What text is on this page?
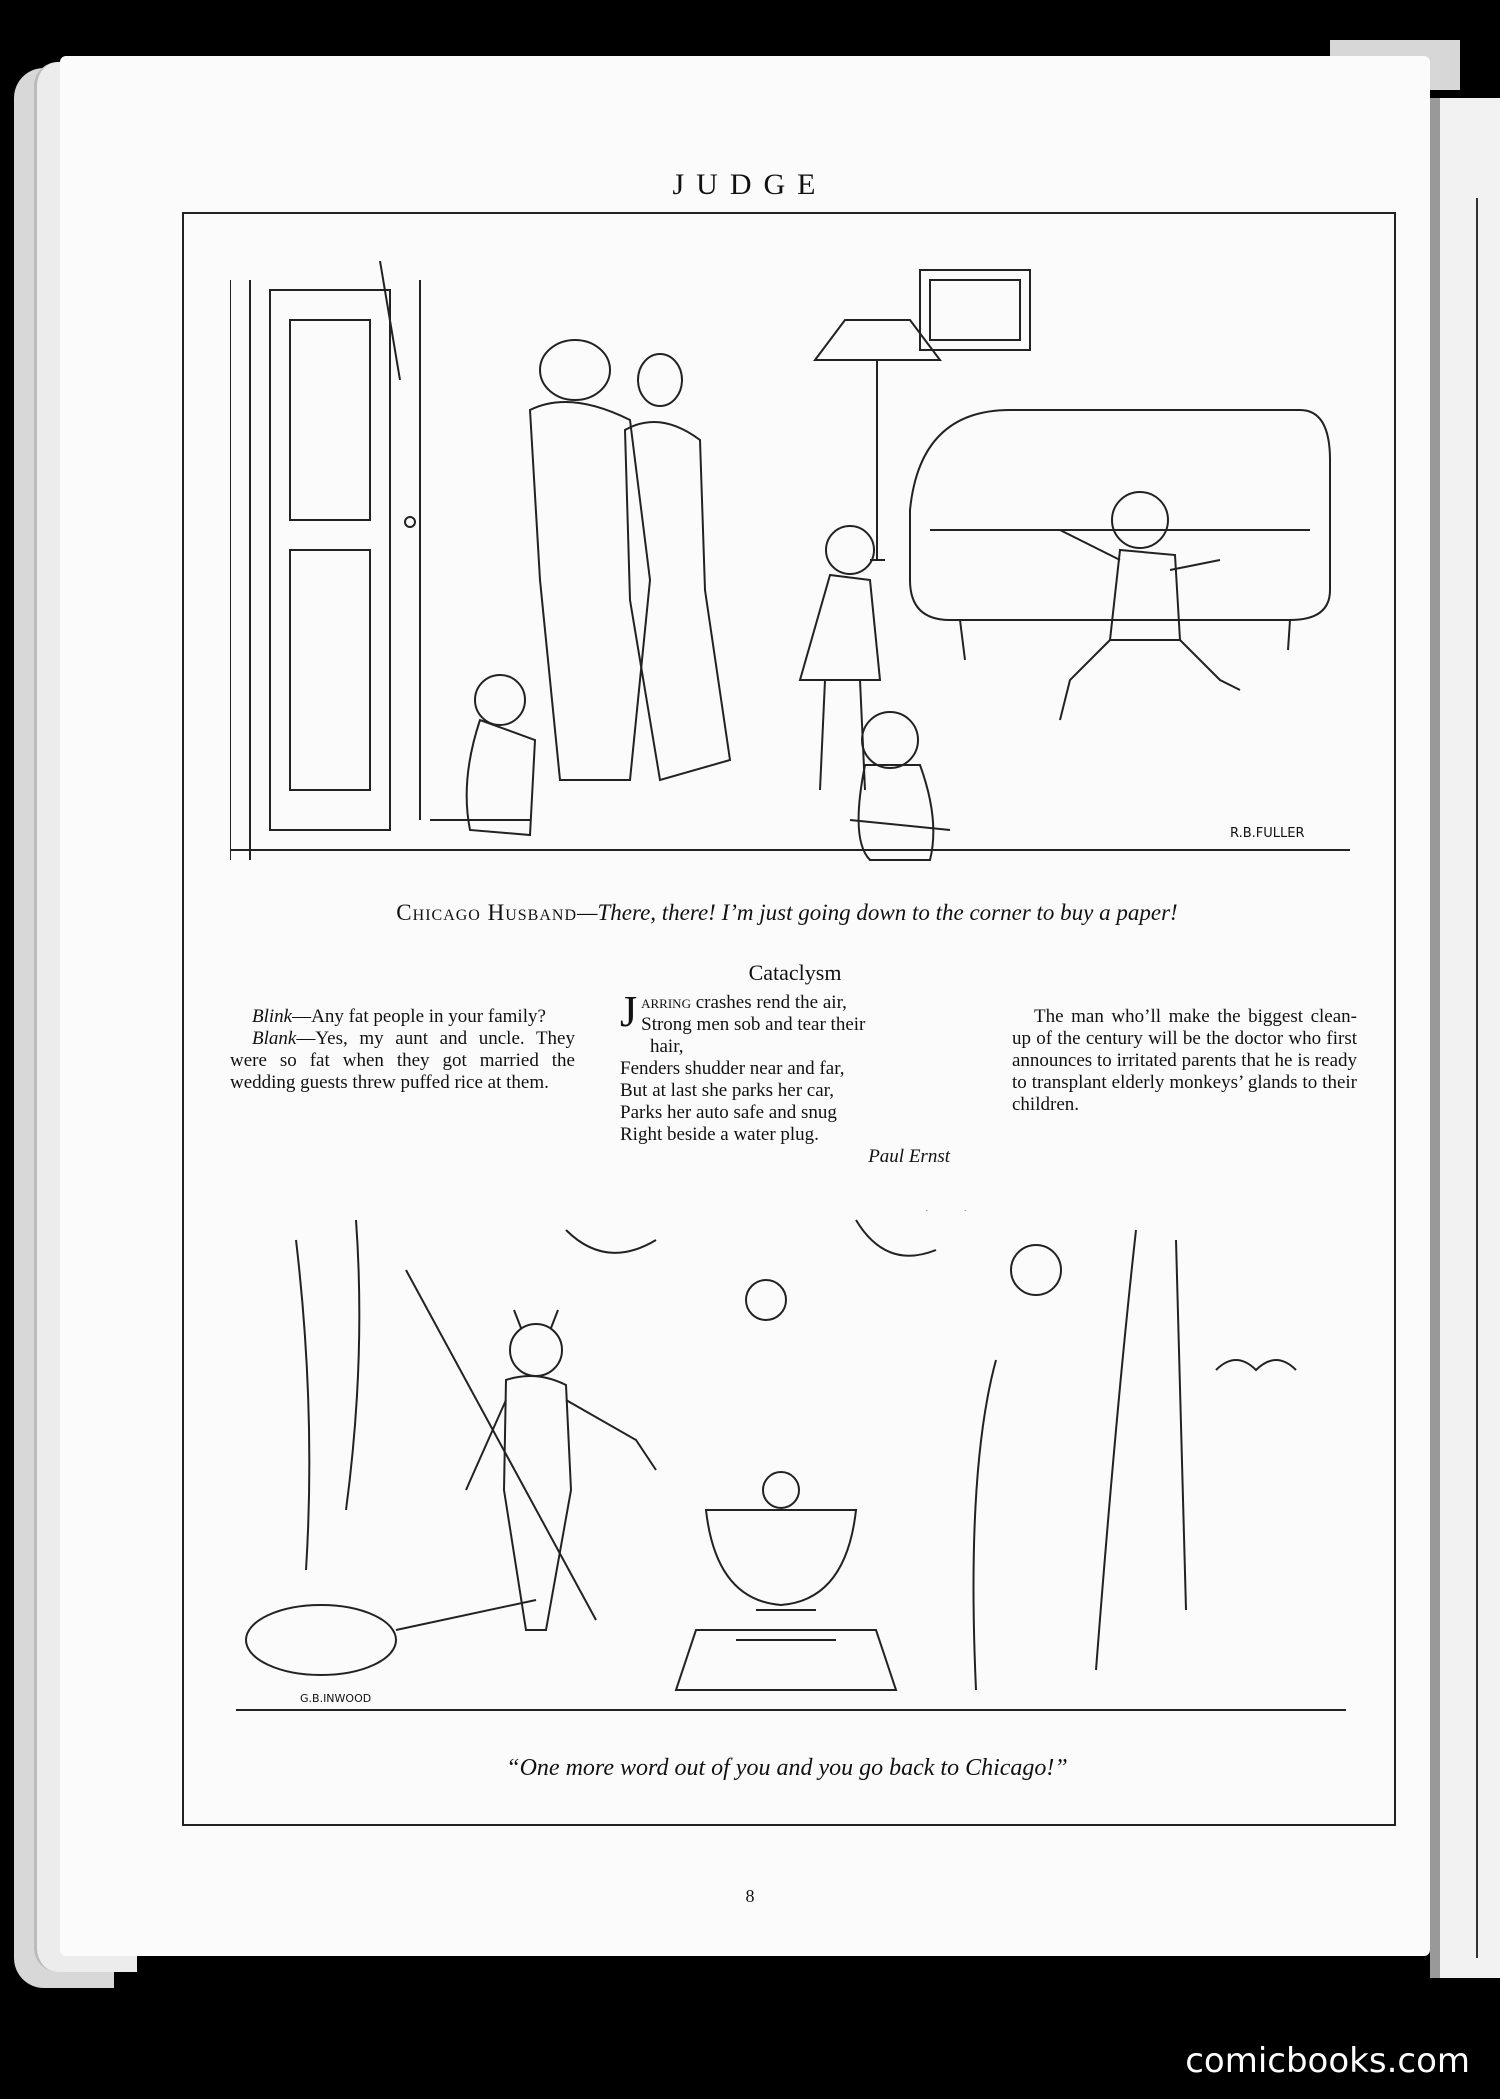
JUDGE
R.B.FULLER
Chicago Husband—There, there! I’m just going down to the corner to buy a paper!

Blink—Any fat people in your family?

Blank—Yes, my aunt and uncle. They were so fat when they got married the wedding guests threw puffed rice at them.

Cataclysm
Jarring crashes rend the air,
Strong men sob and tear their
hair,
Fenders shudder near and far,
But at last she parks her car,
Parks her auto safe and snug
Right beside a water plug.
Paul Ernst
The man who’ll make the biggest clean-up of the century will be the doctor who first announces to irritated parents that he is ready to transplant elderly monkeys’ glands to their children.
G.B.INWOOD
“One more word out of you and you go back to Chicago!”
8
comicbooks.com
